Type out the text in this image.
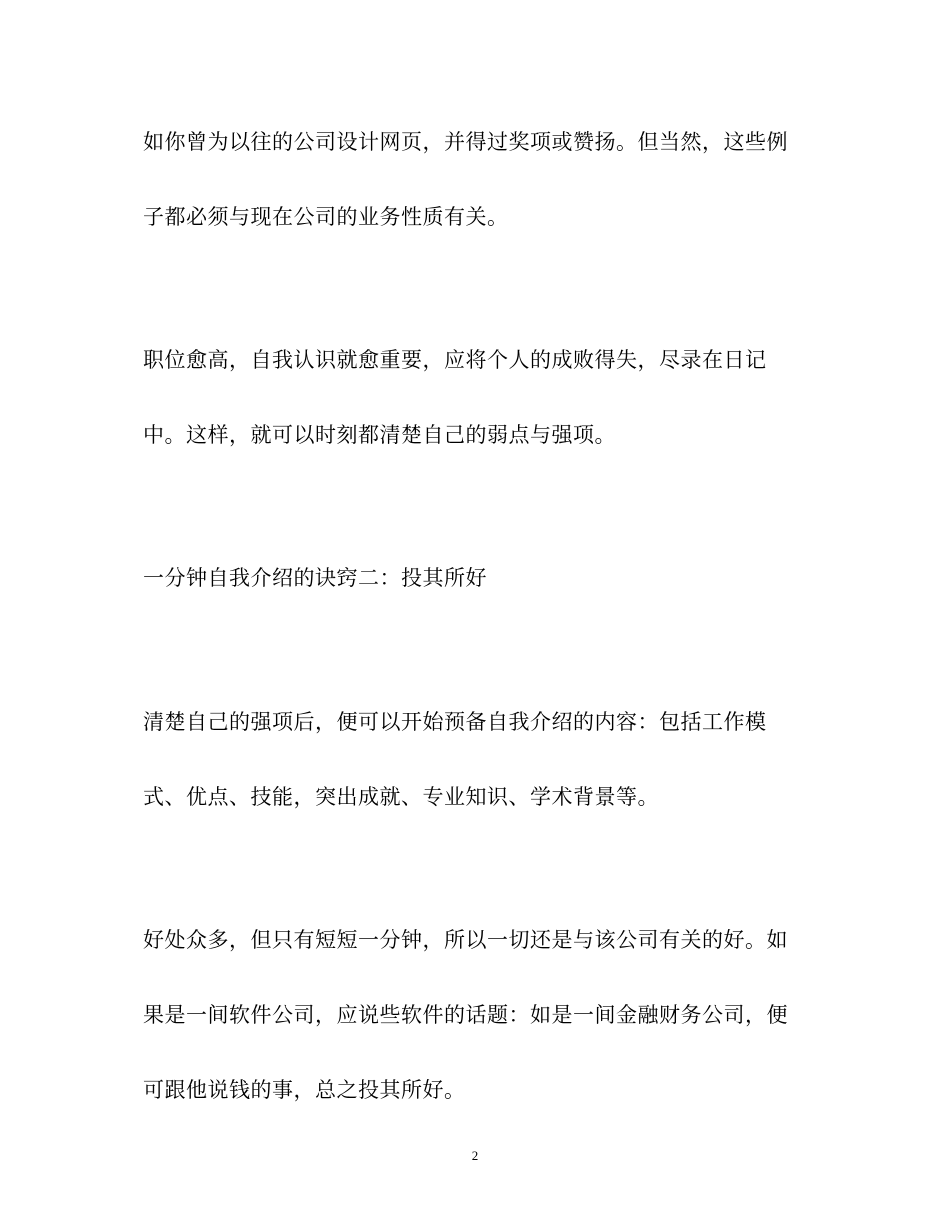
如你曾为以往的公司设计网页，并得过奖项或赞扬。但当然，这些例
子都必须与现在公司的业务性质有关。
职位愈高，自我认识就愈重要，应将个人的成败得失，尽录在日记
中。这样，就可以时刻都清楚自己的弱点与强项。
一分钟自我介绍的诀窍二：投其所好
清楚自己的强项后，便可以开始预备自我介绍的内容：包括工作模
式、优点、技能，突出成就、专业知识、学术背景等。
好处众多，但只有短短一分钟，所以一切还是与该公司有关的好。如
果是一间软件公司，应说些软件的话题：如是一间金融财务公司，便
可跟他说钱的事，总之投其所好。
2
